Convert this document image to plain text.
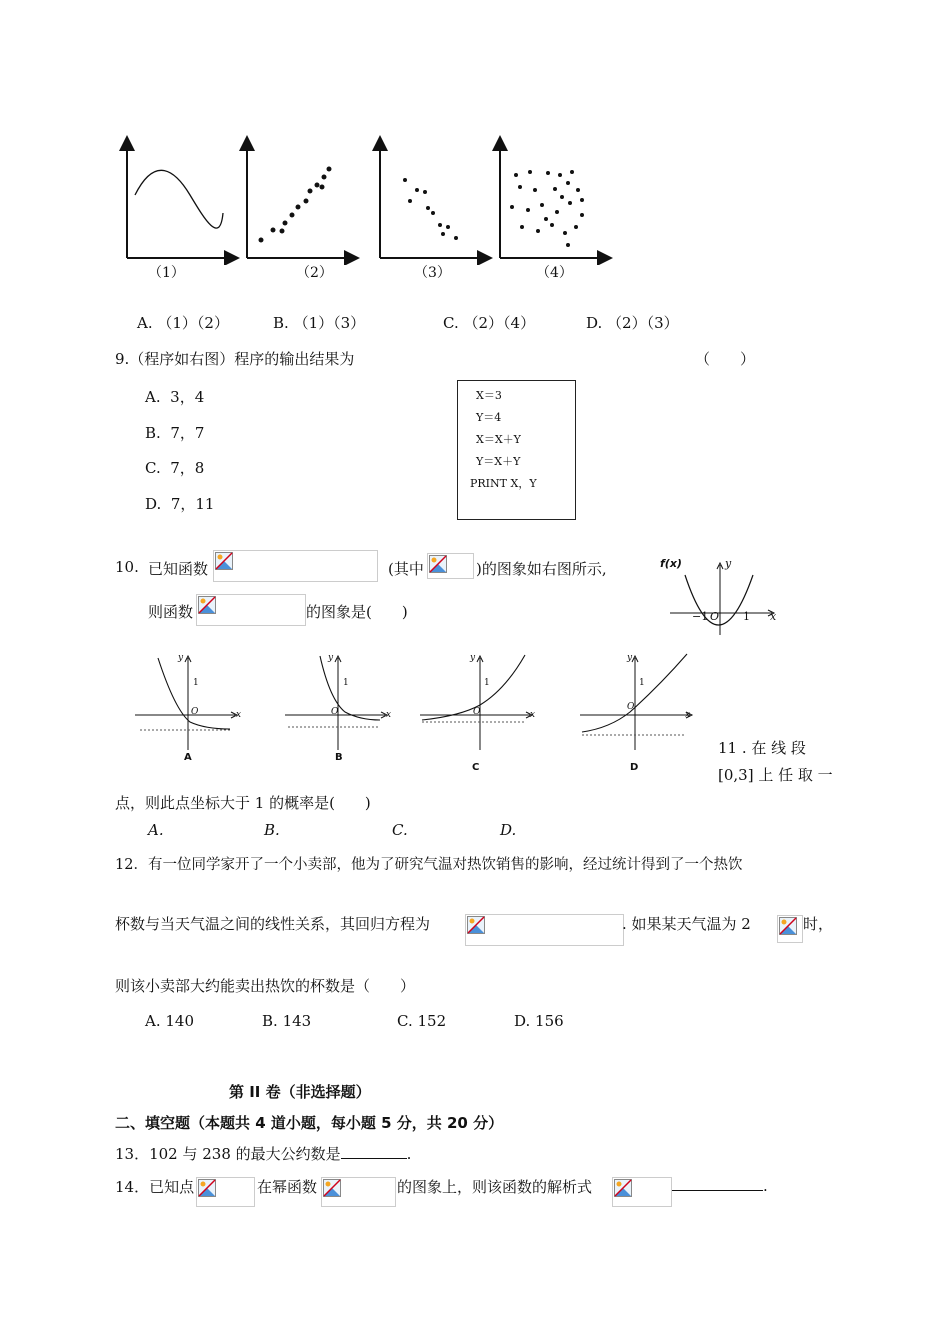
（1）	（2）	（3）	（4）
A. （1）（2）	B. （1）（3）	C. （2）（4）	D. （2）（3）
9.（程序如右图）程序的输出结果为	（　　）
A. 3，4
B. 7，7
C. 7，8
D. 7，11
X＝3
Y＝4
X＝X＋Y
Y＝X＋Y
PRINT X，Y
10. 已知函数	(其中	)的图象如右图所示,
则函数	的图象是(　　)
f(x)	y
x
−1 O 1
y
1
O	x
y
1
O	x
y
1
O	x
y
1
O
x
A	B
C	D
11 . 在 线 段
[0,3] 上 任 取 一
点，则此点坐标大于 1 的概率是(　　)
A.	B.	C.	D.
12．有一位同学家开了一个小卖部，他为了研究气温对热饮销售的影响，经过统计得到了一个热饮
杯数与当天气温之间的线性关系，其回归方程为	. 如果某天气温为 2	时，
则该小卖部大约能卖出热饮的杯数是（　　）
A. 140	B. 143	C. 152	D. 156
第 II 卷（非选择题）
二、填空题（本题共 4 道小题，每小题 5 分，共 20 分）
13．102 与 238 的最大公约数是	.
14．已知点	在幂函数	的图象上，则该函数的解析式	.
